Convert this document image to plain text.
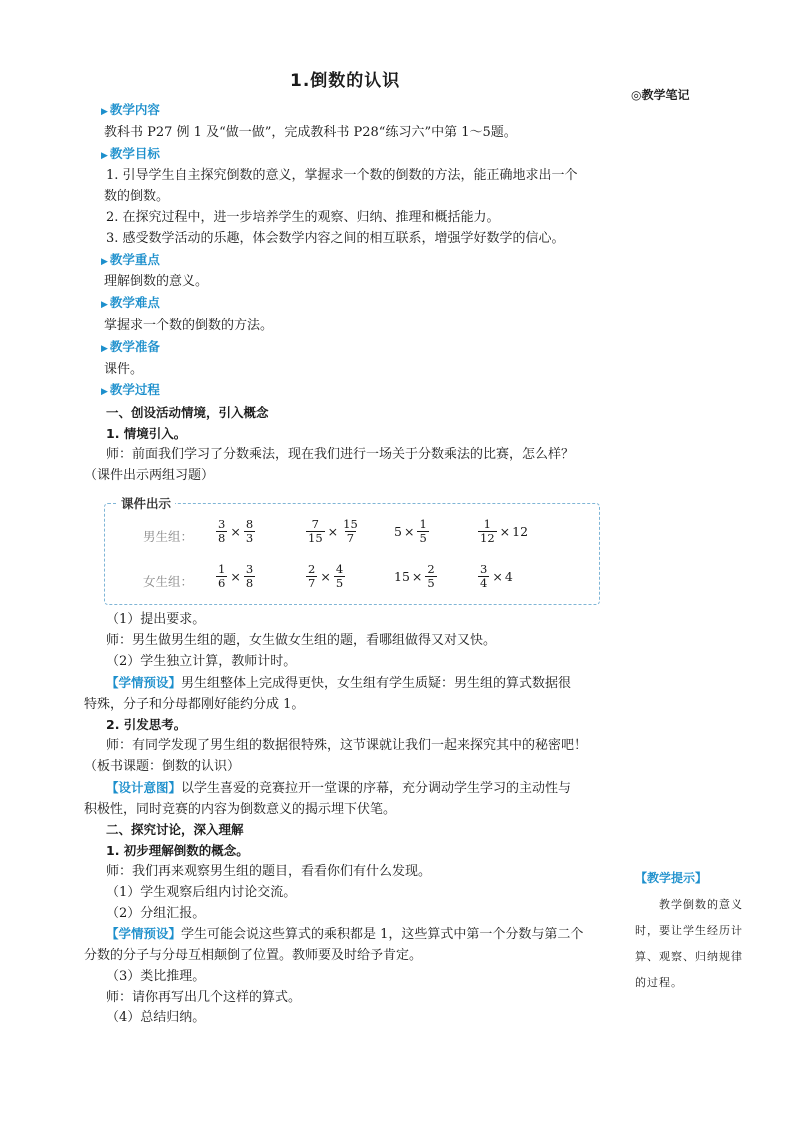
1.倒数的认识
◎教学笔记
▶ 教学内容
教科书 P27 例 1 及“做一做”，完成教科书 P28“练习六”中第 1～5题。
▶ 教学目标
1. 引导学生自主探究倒数的意义，掌握求一个数的倒数的方法，能正确地求出一个
数的倒数。
2. 在探究过程中，进一步培养学生的观察、归纳、推理和概括能力。
3. 感受数学活动的乐趣，体会数学内容之间的相互联系，增强学好数学的信心。
▶ 教学重点
理解倒数的意义。
▶ 教学难点
掌握求一个数的倒数的方法。
▶ 教学准备
课件。
▶ 教学过程
一、创设活动情境，引入概念
1. 情境引入。
师：前面我们学习了分数乘法，现在我们进行一场关于分数乘法的比赛，怎么样？
（课件出示两组习题）
课件出示
男生组： $\frac{3}{8} \times \frac{8}{3}$	$\frac{7}{15} \times \frac{15}{7}$	$5 \times \frac{1}{5}$	$\frac{1}{12} \times 12$
女生组： $\frac{1}{6} \times \frac{3}{8}$	$\frac{2}{7} \times \frac{4}{5}$	$15 \times \frac{2}{5}$	$\frac{3}{4} \times 4$
（1）提出要求。
师：男生做男生组的题，女生做女生组的题，看哪组做得又对又快。
（2）学生独立计算，教师计时。
【学情预设】男生组整体上完成得更快，女生组有学生质疑：男生组的算式数据很
特殊，分子和分母都刚好能约分成 1。
2. 引发思考。
师：有同学发现了男生组的数据很特殊，这节课就让我们一起来探究其中的秘密吧！
（板书课题：倒数的认识）
【设计意图】以学生喜爱的竞赛拉开一堂课的序幕，充分调动学生学习的主动性与
积极性，同时竞赛的内容为倒数意义的揭示埋下伏笔。
二、探究讨论，深入理解
1. 初步理解倒数的概念。
师：我们再来观察男生组的题目，看看你们有什么发现。
（1）学生观察后组内讨论交流。
（2）分组汇报。
【学情预设】学生可能会说这些算式的乘积都是 1，这些算式中第一个分数与第二个
分数的分子与分母互相颠倒了位置。教师要及时给予肯定。
（3）类比推理。
师：请你再写出几个这样的算式。
（4）总结归纳。
【教学提示】
教学倒数的意义
时，要让学生经历计
算、观察、归纳规律
的过程。
